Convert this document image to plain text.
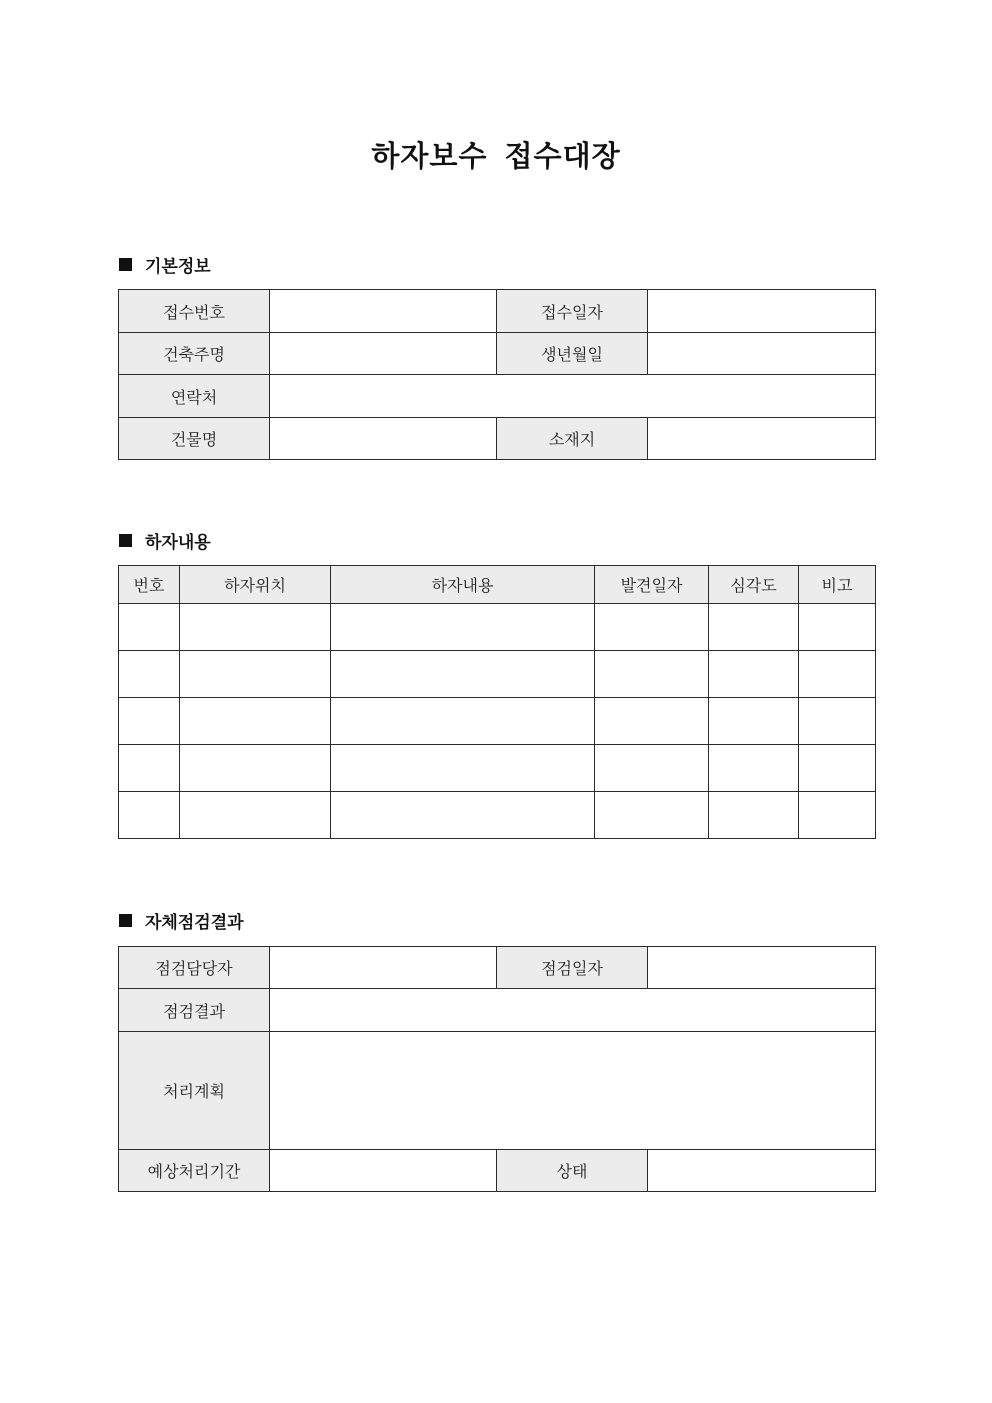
하자보수 접수대장
기본정보
접수번호		접수일자	
건축주명		생년월일	
연락처			
건물명		소재지	
하자내용
번호	하자위치	하자내용	발견일자	심각도	비고

자체점검결과
점검담당자		점검일자	
점검결과			
처리계획			
예상처리기간		상태	
